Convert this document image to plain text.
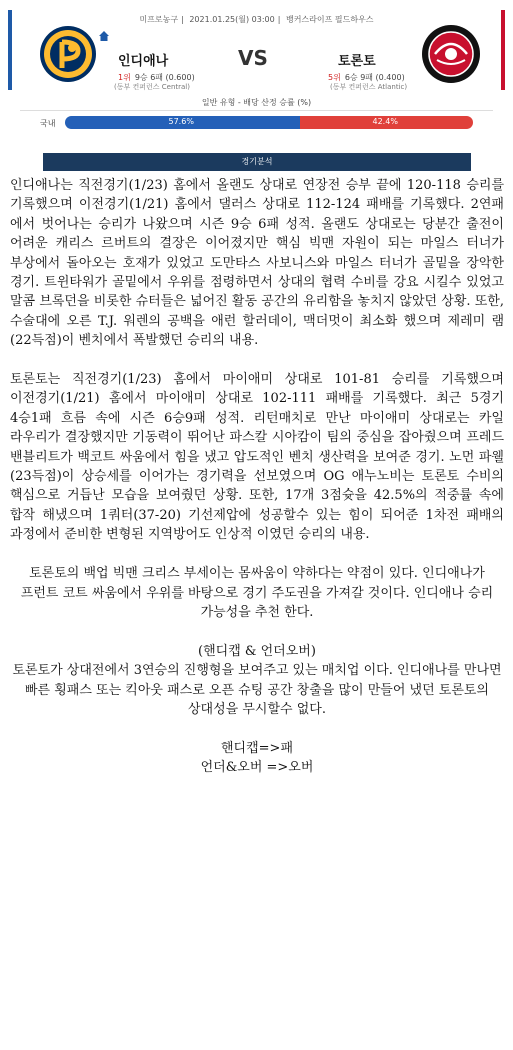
미프로농구 | 2021.01.25(월) 03:00 | 뱅커스라이프 필드하우스
인디애나	VS	토론토
1위 9승 6패 (0.600)	5위 6승 9패 (0.400)
(동부 컨퍼런스 Central)	(동부 컨퍼런스 Atlantic)
일반 유형 - 배당 산정 승률 (%)
국내	57.6%	42.4%
경기분석

인디애나는 직전경기(1/23) 홈에서 올랜도 상대로 연장전 승부 끝에 120-118 승리를 기록했으며 이전경기(1/21) 홈에서 댈러스 상대로 112-124 패배를 기록했다. 2연패 에서 벗어나는 승리가 나왔으며 시즌 9승 6패 성적. 올랜도 상대로는 당분간 출전이 어려운 캐리스 르버트의 결장은 이어졌지만 핵심 빅맨 자원이 되는 마일스 터너가 부상에서 돌아오는 호재가 있었고 도만타스 사보니스와 마일스 터너가 골밑을 장악한 경기. 트윈타워가 골밑에서 우위를 점령하면서 상대의 협력 수비를 강요 시킬수 있었고 말콤 브록던을 비롯한 슈터들은 넓어진 활동 공간의 유리함을 놓치지 않았던 상황. 또한, 수술대에 오른 T.J. 워렌의 공백을 애런 할러데이, 맥더멋이 최소화 했으며 제레미 램(22득점)이 벤치에서 폭발했던 승리의 내용.

토론토는 직전경기(1/23) 홈에서 마이애미 상대로 101-81 승리를 기록했으며 이전경기(1/21) 홈에서 마이애미 상대로 102-111 패배를 기록했다. 최근 5경기 4승1패 흐름 속에 시즌 6승9패 성적. 리턴매치로 만난 마이애미 상대로는 카일 라우리가 결장했지만 기동력이 뛰어난 파스칼 시아캄이 팀의 중심을 잡아줬으며 프레드 밴블리트가 백코트 싸움에서 힘을 냈고 압도적인 벤치 생산력을 보여준 경기. 노먼 파웰(23득점)이 상승세를 이어가는 경기력을 선보였으며 OG 애누노비는 토론토 수비의 핵심으로 거듭난 모습을 보여줬던 상황. 또한, 17개 3점슛을 42.5%의 적중률 속에 합작 해냈으며 1쿼터(37-20) 기선제압에 성공할수 있는 힘이 되어준 1차전 패배의 과정에서 준비한 변형된 지역방어도 인상적 이였던 승리의 내용.

토론토의 백업 빅맨 크리스 부세이는 몸싸움이 약하다는 약점이 있다. 인디애나가 프런트 코트 싸움에서 우위를 바탕으로 경기 주도권을 가져갈 것이다. 인디애나 승리 가능성을 추천 한다.

(핸디캡 & 언더오버)

토론토가 상대전에서 3연승의 진행형을 보여주고 있는 매치업 이다. 인디애나를 만나면 빠른 횡패스 또는 킥아웃 패스로 오픈 슈팅 공간 창출을 많이 만들어 냈던 토론토의 상대성을 무시할수 없다.

핸디캡=>패

언더&오버 =>오버
